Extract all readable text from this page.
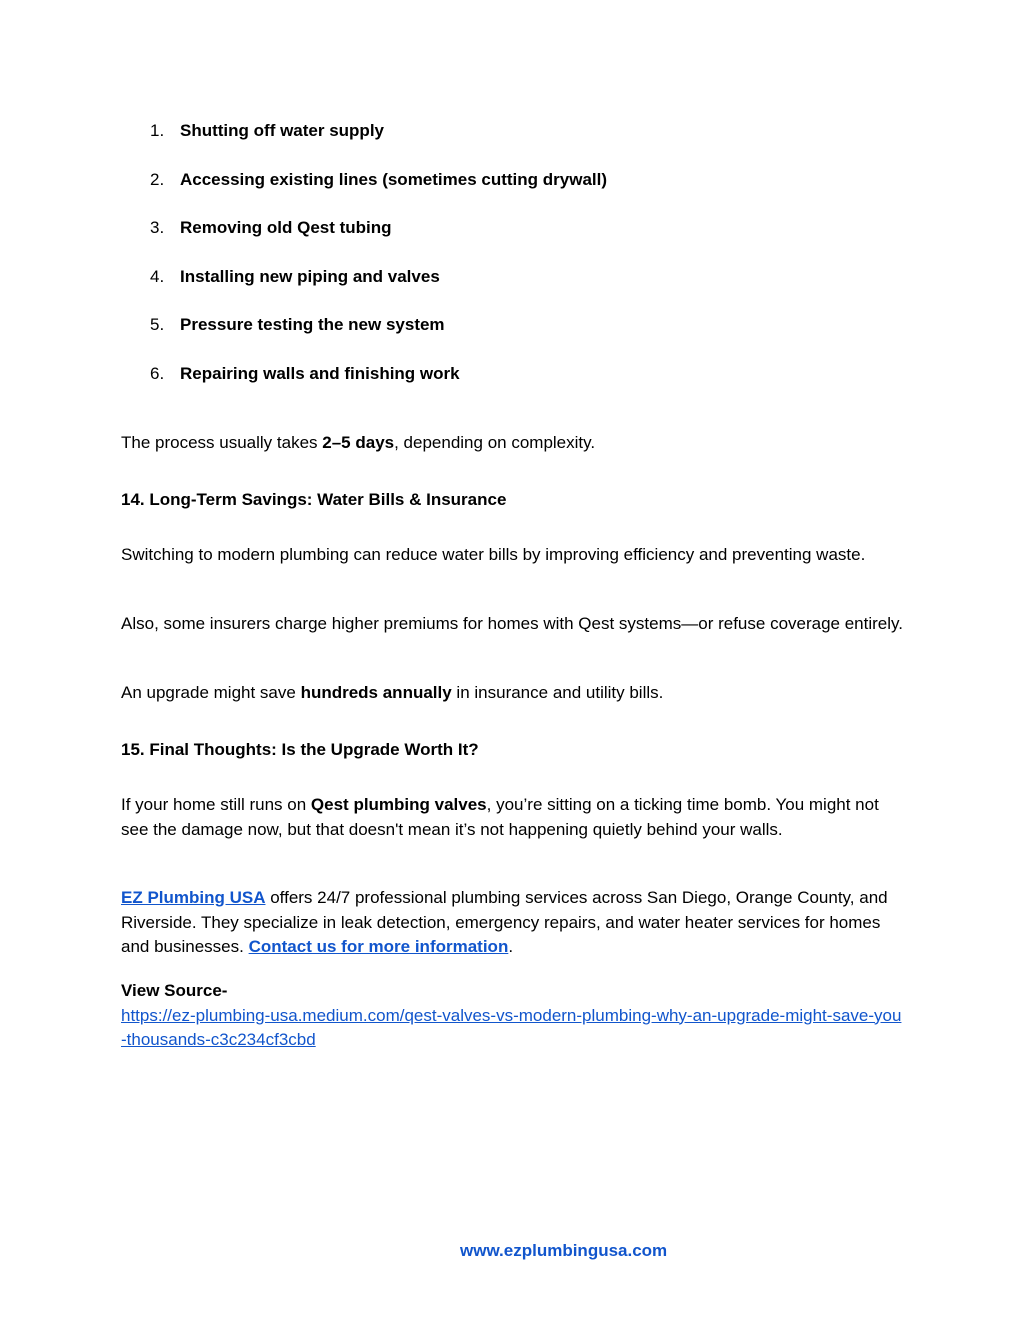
1. Shutting off water supply
2. Accessing existing lines (sometimes cutting drywall)
3. Removing old Qest tubing
4. Installing new piping and valves
5. Pressure testing the new system
6. Repairing walls and finishing work

The process usually takes 2–5 days, depending on complexity.

14. Long-Term Savings: Water Bills & Insurance

Switching to modern plumbing can reduce water bills by improving efficiency and preventing waste.

Also, some insurers charge higher premiums for homes with Qest systems—or refuse coverage entirely.

An upgrade might save hundreds annually in insurance and utility bills.

15. Final Thoughts: Is the Upgrade Worth It?

If your home still runs on Qest plumbing valves, you’re sitting on a ticking time bomb. You might not see the damage now, but that doesn't mean it’s not happening quietly behind your walls.

EZ Plumbing USA offers 24/7 professional plumbing services across San Diego, Orange County, and Riverside. They specialize in leak detection, emergency repairs, and water heater services for homes and businesses. Contact us for more information.

View Source-

https://ez-plumbing-usa.medium.com/qest-valves-vs-modern-plumbing-why-an-upgrade-might-save-you-thousands-c3c234cf3cbd

www.ezplumbingusa.com
